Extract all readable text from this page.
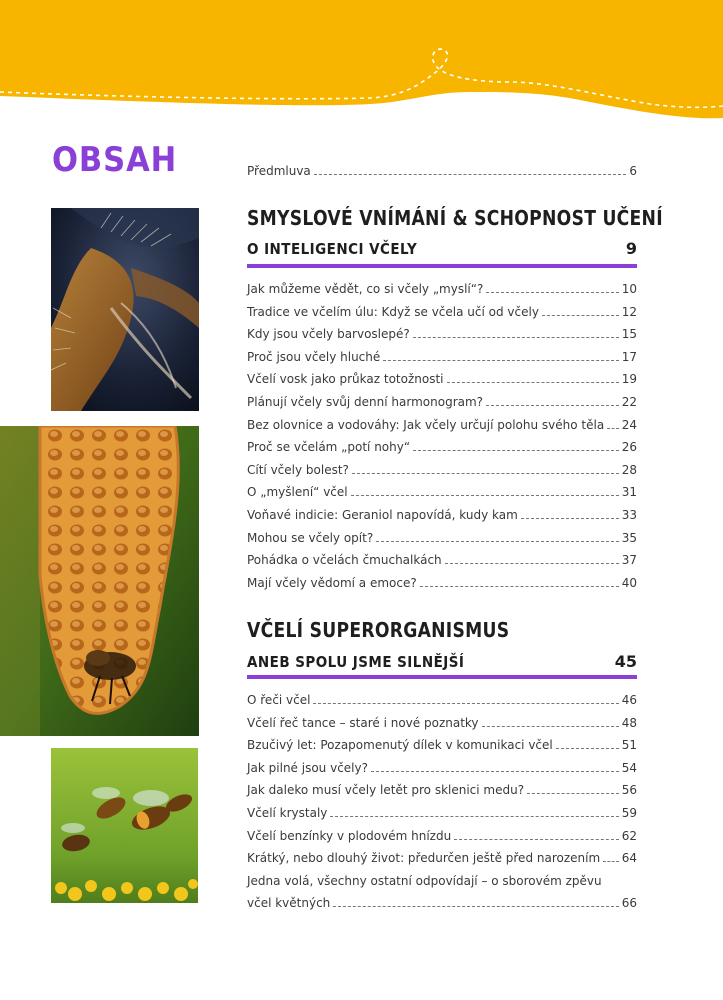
OBSAH	Předmluva	6
SMYSLOVÉ VNÍMÁNÍ & SCHOPNOST UČENÍ
O INTELIGENCI VČELY	9
Jak můžeme vědět, co si včely „myslí“?	10
Tradice ve včelím úlu: Když se včela učí od včely	12
Kdy jsou včely barvoslepé?	15
Proč jsou včely hluché	17
Včelí vosk jako průkaz totožnosti	19
Plánují včely svůj denní harmonogram?	22
Bez olovnice a vodováhy: Jak včely určují polohu svého těla 24
Proč se včelám „potí nohy“	26
Cítí včely bolest?	28
O „myšlení“ včel	31
Voňavé indicie: Geraniol napovídá, kudy kam	33
Mohou se včely opít?	35
Pohádka o včelách čmuchalkách	37
Mají včely vědomí a emoce?	40
VČELÍ SUPERORGANISMUS
ANEB SPOLU JSME SILNĚJŠÍ	45
O řeči včel	46
Včelí řeč tance – staré i nové poznatky	48
Bzučivý let: Pozapomenutý dílek v komunikaci včel	51
Jak pilné jsou včely?	54
Jak daleko musí včely letět pro sklenici medu?	56
Včelí krystaly	59
Včelí benzínky v plodovém hnízdu	62
Krátký, nebo dlouhý život: předurčen ještě před narozením 64
Jedna volá, všechny ostatní odpovídají – o sborovém zpěvu
včel květných	66
